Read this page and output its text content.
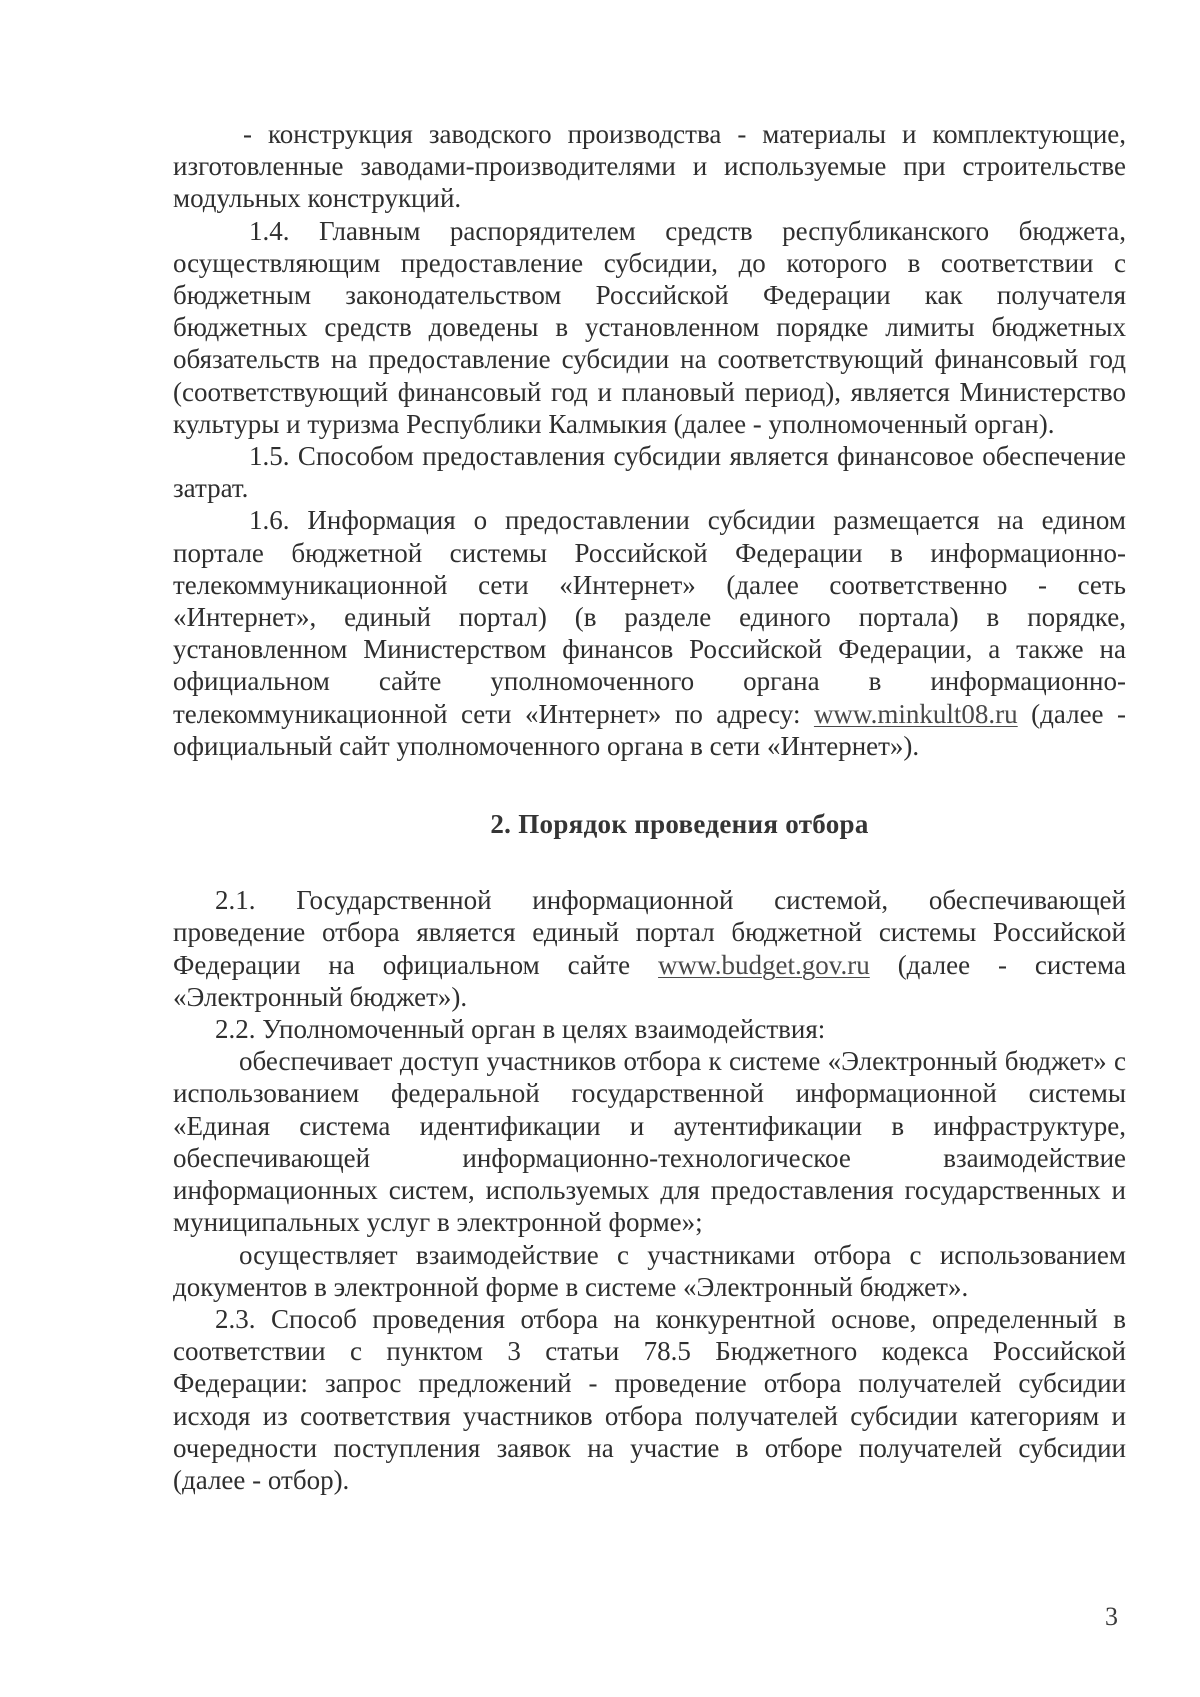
- конструкция заводского производства - материалы и комплектующие, изготовленные заводами-производителями и используемые при строительстве модульных конструкций.

1.4. Главным распорядителем средств республиканского бюджета, осуществляющим предоставление субсидии, до которого в соответствии с бюджетным законодательством Российской Федерации как получателя бюджетных средств доведены в установленном порядке лимиты бюджетных обязательств на предоставление субсидии на соответствующий финансовый год (соответствующий финансовый год и плановый период), является Министерство культуры и туризма Республики Калмыкия (далее - уполномоченный орган).

1.5. Способом предоставления субсидии является финансовое обеспечение затрат.

1.6. Информация о предоставлении субсидии размещается на едином портале бюджетной системы Российской Федерации в информационно-телекоммуникационной сети «Интернет» (далее соответственно - сеть «Интернет», единый портал) (в разделе единого портала) в порядке, установленном Министерством финансов Российской Федерации, а также на официальном сайте уполномоченного органа в информационно-телекоммуникационной сети «Интернет» по адресу: www.minkult08.ru (далее - официальный сайт уполномоченного органа в сети «Интернет»).

2. Порядок проведения отбора

2.1. Государственной информационной системой, обеспечивающей проведение отбора является единый портал бюджетной системы Российской Федерации на официальном сайте www.budget.gov.ru (далее - система «Электронный бюджет»).

2.2. Уполномоченный орган в целях взаимодействия:

обеспечивает доступ участников отбора к системе «Электронный бюджет» с использованием федеральной государственной информационной системы «Единая система идентификации и аутентификации в инфраструктуре, обеспечивающей информационно-технологическое взаимодействие информационных систем, используемых для предоставления государственных и муниципальных услуг в электронной форме»;

осуществляет взаимодействие с участниками отбора с использованием документов в электронной форме в системе «Электронный бюджет».

2.3. Способ проведения отбора на конкурентной основе, определенный в соответствии с пунктом 3 статьи 78.5 Бюджетного кодекса Российской Федерации: запрос предложений - проведение отбора получателей субсидии исходя из соответствия участников отбора получателей субсидии категориям и очередности поступления заявок на участие в отборе получателей субсидии (далее - отбор).

3
